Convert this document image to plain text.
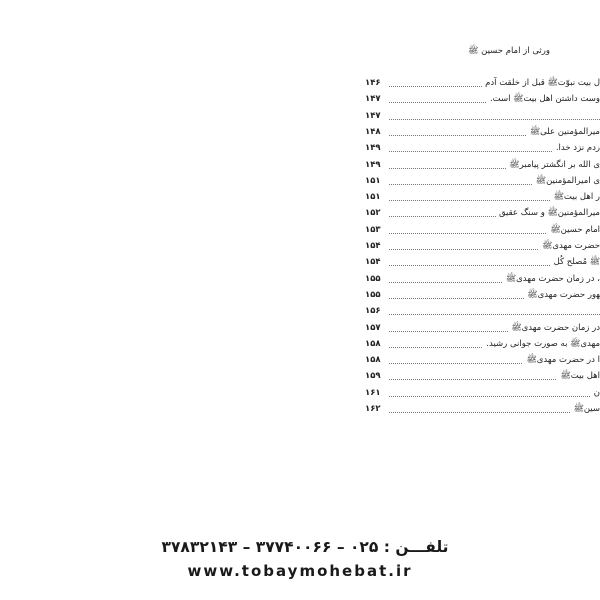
ورثی از امام حسین ﷺ
۱۴۶	ل بیت نبوّتﷺ قبل از خلقت آدم
۱۴۷	وست داشتن اهل بیتﷺ است.
۱۴۷
۱۴۸	میرالمؤمنین علیﷺ
۱۴۹	ردم نزد خدا.
۱۴۹	ی الله بر انگشتر پیامبرﷺ
۱۵۱	ی امیرالمؤمنینﷺ
۱۵۱	ر اهل بیتﷺ
۱۵۲	میرالمؤمنینﷺ و سنگ عقیق
۱۵۳	امام حسینﷺ
۱۵۴	حضرت مهدیﷺ
۱۵۴	ﷺ مُصلح کُل
۱۵۵	، در زمان حضرت مهدیﷺ
۱۵۵	ﻬور حضرت مهدیﷺ
۱۵۶
۱۵۷	در زمان حضرت مهدیﷺ
۱۵۸	مهدیﷺ به صورت جوانی رشید.
۱۵۸	ا در حضرت مهدیﷺ
۱۵۹	اهل بیتﷺ
۱۶۱	ن
۱۶۲	سینﷺ
تلفـــن : ۰۲۵ – ۳۷۷۴۰۰۶۶ – ۳۷۸۳۲۱۴۳
www.tobaymohebat.ir
